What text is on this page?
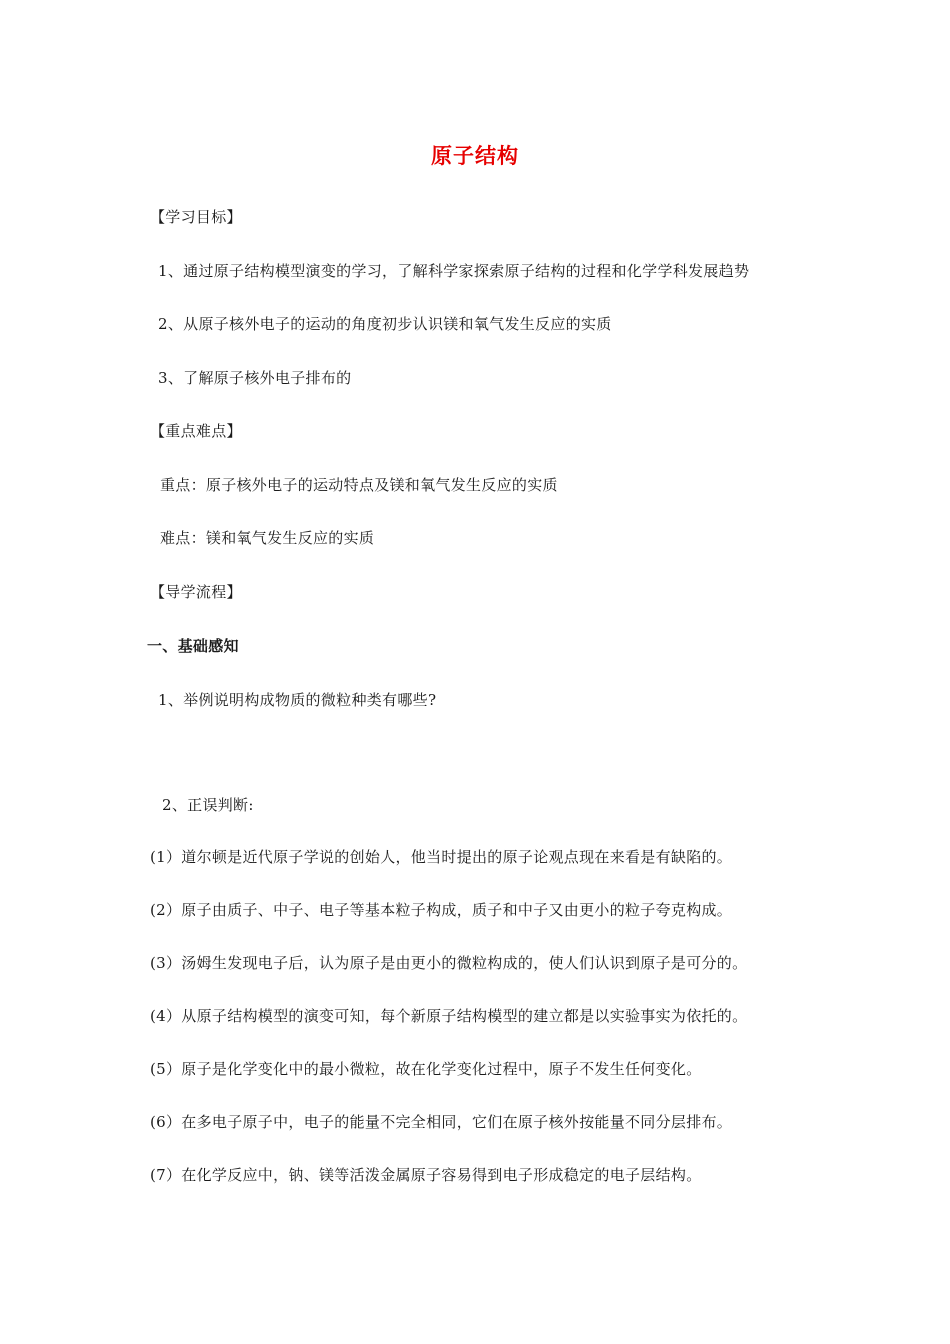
原子结构
【学习目标】
1、通过原子结构模型演变的学习，了解科学家探索原子结构的过程和化学学科发展趋势
2、从原子核外电子的运动的角度初步认识镁和氧气发生反应的实质
3、了解原子核外电子排布的
【重点难点】
重点：原子核外电子的运动特点及镁和氧气发生反应的实质
难点：镁和氧气发生反应的实质
【导学流程】
一、基础感知
1、举例说明构成物质的微粒种类有哪些?
2、正误判断:
(1）道尔顿是近代原子学说的创始人，他当时提出的原子论观点现在来看是有缺陷的。
(2）原子由质子、中子、电子等基本粒子构成，质子和中子又由更小的粒子夸克构成。
(3）汤姆生发现电子后，认为原子是由更小的微粒构成的，使人们认识到原子是可分的。
(4）从原子结构模型的演变可知，每个新原子结构模型的建立都是以实验事实为依托的。
(5）原子是化学变化中的最小微粒，故在化学变化过程中，原子不发生任何变化。
(6）在多电子原子中，电子的能量不完全相同，它们在原子核外按能量不同分层排布。
(7）在化学反应中，钠、镁等活泼金属原子容易得到电子形成稳定的电子层结构。
